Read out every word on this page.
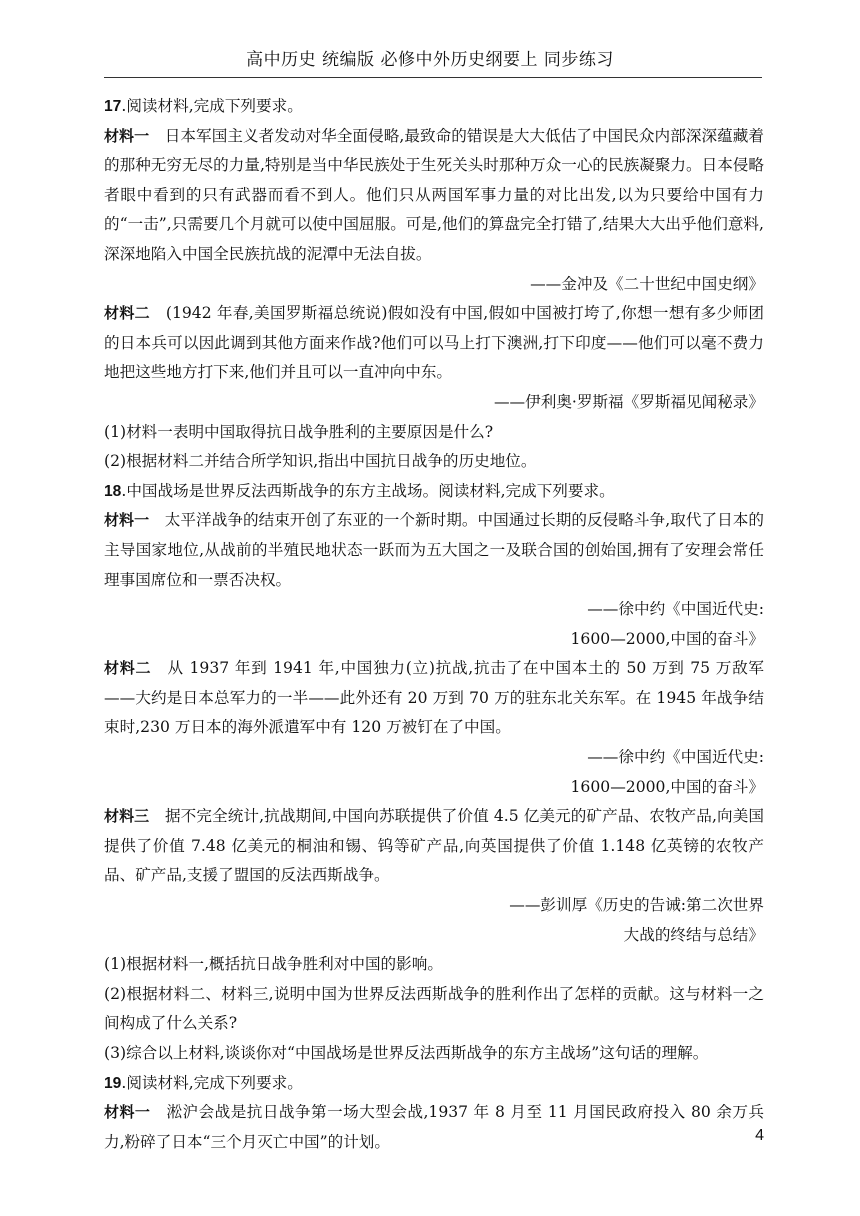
高中历史 统编版 必修中外历史纲要上 同步练习

17.阅读材料,完成下列要求。

材料一　日本军国主义者发动对华全面侵略,最致命的错误是大大低估了中国民众内部深深蕴藏着的那种无穷无尽的力量,特别是当中华民族处于生死关头时那种万众一心的民族凝聚力。日本侵略者眼中看到的只有武器而看不到人。他们只从两国军事力量的对比出发,以为只要给中国有力的“一击”,只需要几个月就可以使中国屈服。可是,他们的算盘完全打错了,结果大大出乎他们意料,深深地陷入中国全民族抗战的泥潭中无法自拔。

——金冲及《二十世纪中国史纲》

材料二　(1942 年春,美国罗斯福总统说)假如没有中国,假如中国被打垮了,你想一想有多少师团的日本兵可以因此调到其他方面来作战?他们可以马上打下澳洲,打下印度——他们可以毫不费力地把这些地方打下来,他们并且可以一直冲向中东。

——伊利奥·罗斯福《罗斯福见闻秘录》

(1)材料一表明中国取得抗日战争胜利的主要原因是什么?

(2)根据材料二并结合所学知识,指出中国抗日战争的历史地位。

18.中国战场是世界反法西斯战争的东方主战场。阅读材料,完成下列要求。

材料一　太平洋战争的结束开创了东亚的一个新时期。中国通过长期的反侵略斗争,取代了日本的主导国家地位,从战前的半殖民地状态一跃而为五大国之一及联合国的创始国,拥有了安理会常任理事国席位和一票否决权。

——徐中约《中国近代史:

1600—2000,中国的奋斗》

材料二　从 1937 年到 1941 年,中国独力(立)抗战,抗击了在中国本土的 50 万到 75 万敌军——大约是日本总军力的一半——此外还有 20 万到 70 万的驻东北关东军。在 1945 年战争结束时,230 万日本的海外派遣军中有 120 万被钉在了中国。

——徐中约《中国近代史:

1600—2000,中国的奋斗》

材料三　据不完全统计,抗战期间,中国向苏联提供了价值 4.5 亿美元的矿产品、农牧产品,向美国提供了价值 7.48 亿美元的桐油和锡、钨等矿产品,向英国提供了价值 1.148 亿英镑的农牧产品、矿产品,支援了盟国的反法西斯战争。

——彭训厚《历史的告诫:第二次世界

大战的终结与总结》

(1)根据材料一,概括抗日战争胜利对中国的影响。

(2)根据材料二、材料三,说明中国为世界反法西斯战争的胜利作出了怎样的贡献。这与材料一之间构成了什么关系?

(3)综合以上材料,谈谈你对“中国战场是世界反法西斯战争的东方主战场”这句话的理解。

19.阅读材料,完成下列要求。

材料一　淞沪会战是抗日战争第一场大型会战,1937 年 8 月至 11 月国民政府投入 80 余万兵力,粉碎了日本“三个月灭亡中国”的计划。	4
